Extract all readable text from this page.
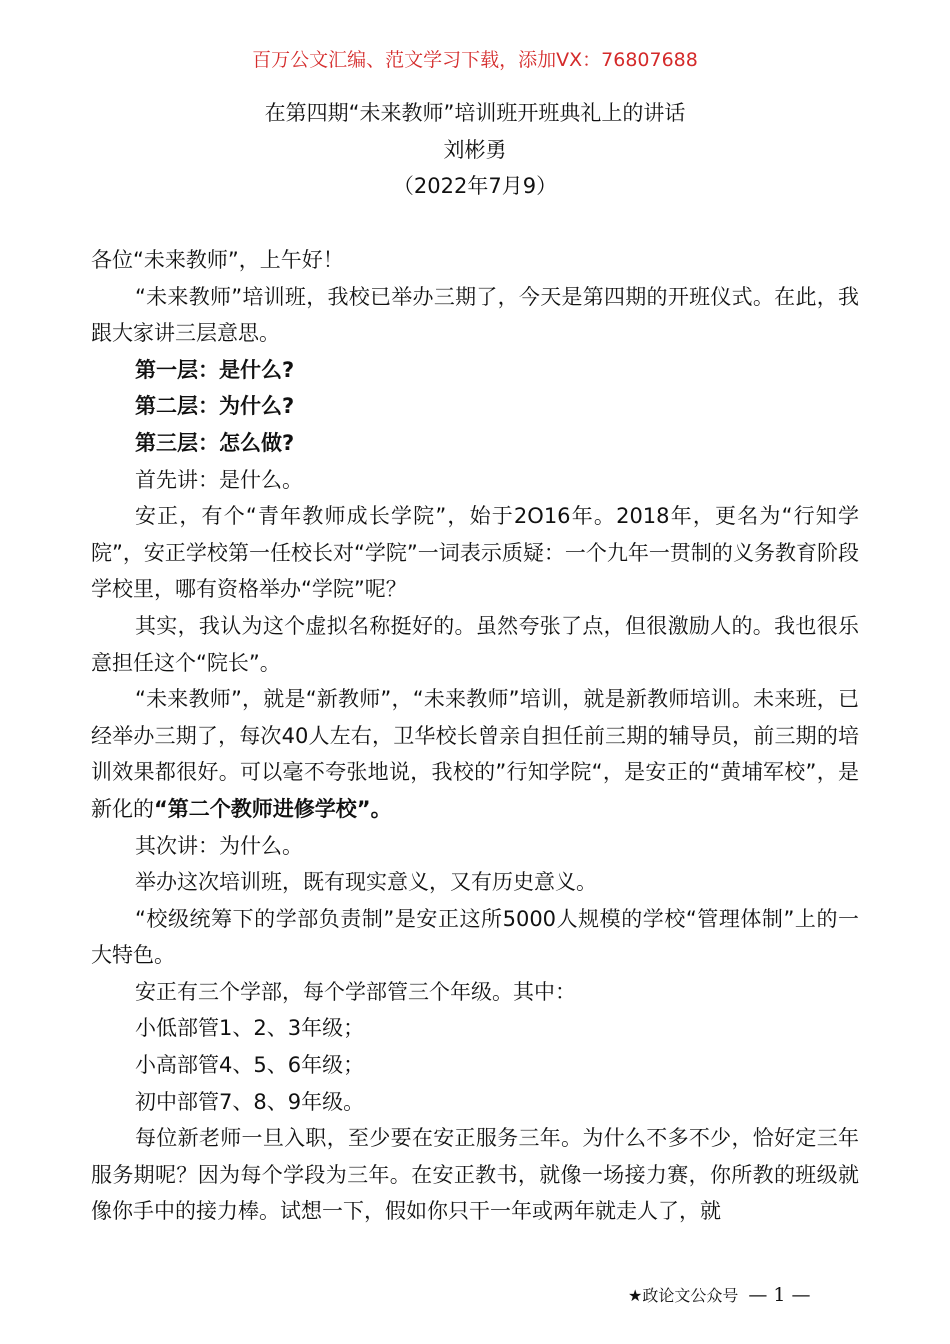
百万公文汇编、范文学习下载，添加VX：76807688
在第四期“未来教师”培训班开班典礼上的讲话
刘彬勇
（2022年7月9）

各位“未来教师”，上午好！

“未来教师”培训班，我校已举办三期了，今天是第四期的开班仪式。在此，我跟大家讲三层意思。

第一层：是什么?

第二层：为什么?

第三层：怎么做?

首先讲：是什么。

安正，有个“青年教师成长学院”，始于2O16年。2018年，更名为“行知学院”，安正学校第一任校长对“学院”一词表示质疑：一个九年一贯制的义务教育阶段学校里，哪有资格举办“学院”呢？

其实，我认为这个虚拟名称挺好的。虽然夸张了点，但很激励人的。我也很乐意担任这个“院长”。

“未来教师”，就是“新教师”，“未来教师”培训，就是新教师培训。未来班，已经举办三期了，每次40人左右，卫华校长曾亲自担任前三期的辅导员，前三期的培训效果都很好。可以毫不夸张地说，我校的”行知学院“，是安正的“黄埔军校”，是新化的“第二个教师进修学校”。

其次讲：为什么。

举办这次培训班，既有现实意义，又有历史意义。

“校级统筹下的学部负责制”是安正这所5000人规模的学校“管理体制”上的一大特色。

安正有三个学部，每个学部管三个年级。其中：

小低部管1、2、3年级；

小高部管4、5、6年级；

初中部管7、8、9年级。

每位新老师一旦入职，至少要在安正服务三年。为什么不多不少，恰好定三年服务期呢？因为每个学段为三年。在安正教书，就像一场接力赛，你所教的班级就像你手中的接力棒。试想一下，假如你只干一年或两年就走人了，就

★政论文公众号 — 1 —
